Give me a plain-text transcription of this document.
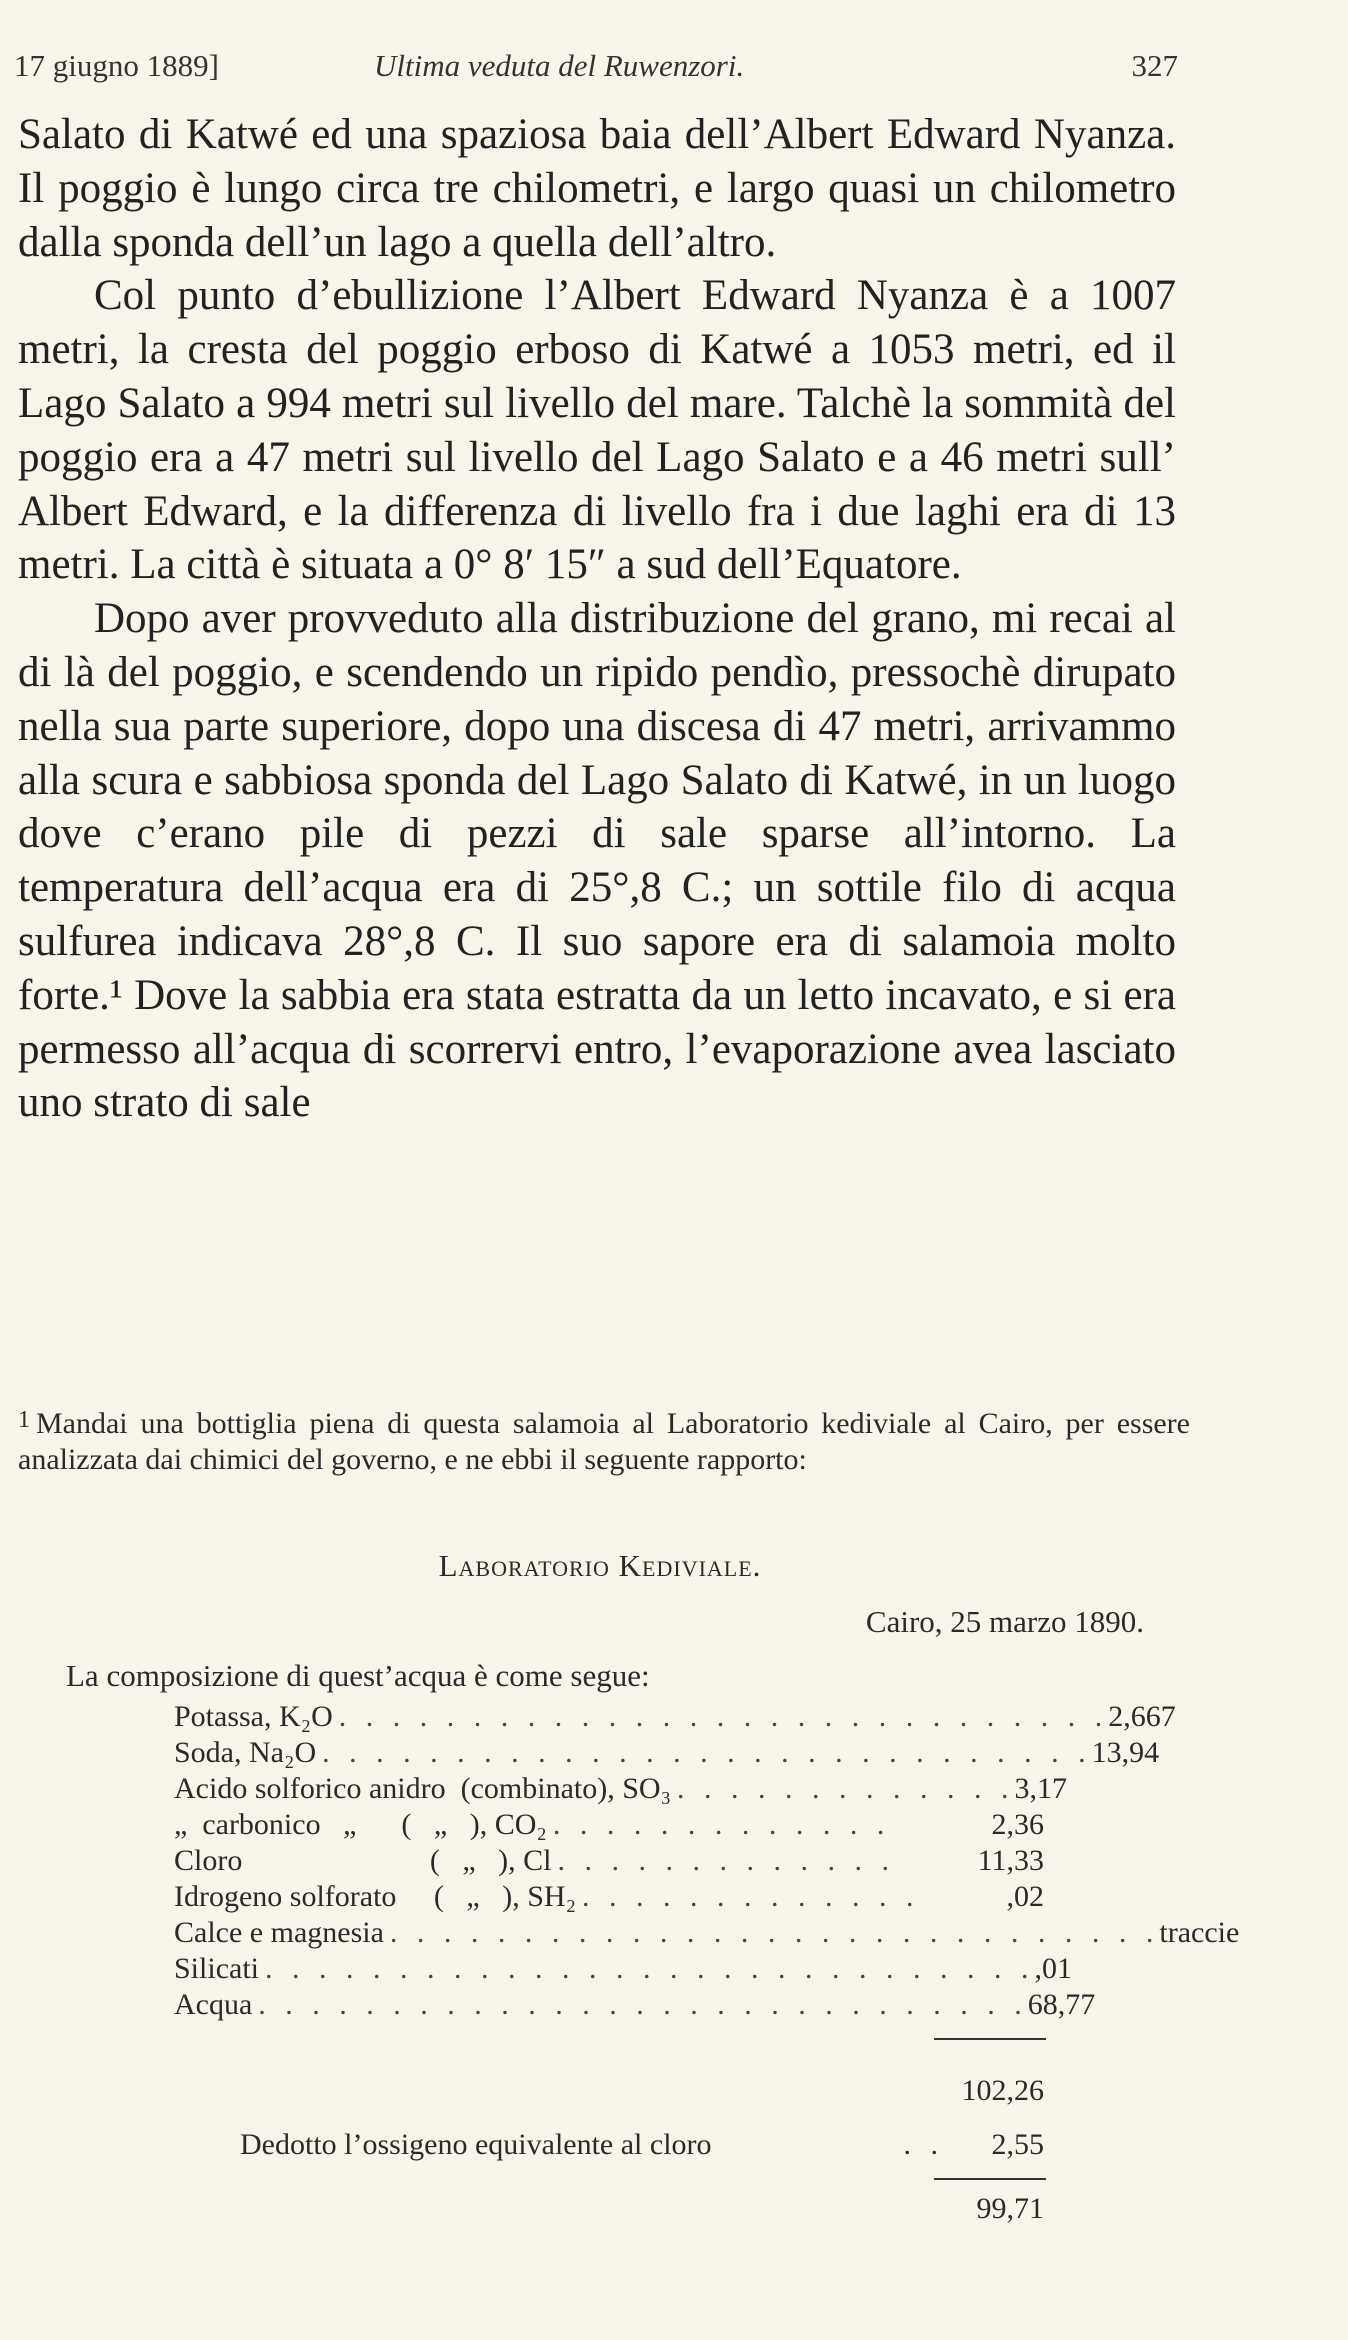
17 giugno 1889]	Ultima veduta del Ruwenzori.	327

Salato di Katwé ed una spaziosa baia dell’Albert Edward Nyanza. Il poggio è lungo circa tre chilometri, e largo quasi un chilometro dalla sponda dell’un lago a quella dell’altro.

Col punto d’ebullizione l’Albert Edward Nyanza è a 1007 metri, la cresta del poggio erboso di Katwé a 1053 metri, ed il Lago Salato a 994 metri sul livello del mare. Talchè la sommità del poggio era a 47 metri sul livello del Lago Salato e a 46 metri sull’ Albert Edward, e la differenza di livello fra i due laghi era di 13 metri. La città è situata a 0° 8′ 15″ a sud dell’Equatore.

Dopo aver provveduto alla distribuzione del grano, mi recai al di là del poggio, e scendendo un ripido pendìo, pressochè dirupato nella sua parte superiore, dopo una discesa di 47 metri, arrivammo alla scura e sabbiosa sponda del Lago Salato di Katwé, in un luogo dove c’erano pile di pezzi di sale sparse all’intorno. La temperatura dell’acqua era di 25°,8 C.; un sottile filo di acqua sulfurea indicava 28°,8 C. Il suo sapore era di salamoia molto forte.¹ Dove la sabbia era stata estratta da un letto incavato, e si era permesso all’acqua di scorrervi entro, l’evaporazione avea lasciato uno strato di sale

$^1$ Mandai una bottiglia piena di questa salamoia al Laboratorio kediviale al Cairo, per essere analizzata dai chimici del governo, e ne ebbi il seguente rapporto:
Laboratorio Kediviale.
Cairo, 25 marzo 1890.
La composizione di quest’acqua è come segue:
Potassa, K₂O . . . . . . . . . . . . . . . . . . . . . . . . . . . . . 2,667
Soda, Na₂O . . . . . . . . . . . . . . . . . . . . . . . . . . . . . 13,94
Acido solforico anidro  (combinato), SO₃ . . . . . . . . . . . . . 3,17
„  carbonico   „      (   „   ), CO₂ . . . . . . . . . . . . .	2,36
Cloro                         (   „   ), Cl . . . . . . . . . . . . .	11,33
Idrogeno solforato     (   „   ), SH₂ . . . . . . . . . . . . .	,02
Calce e magnesia . . . . . . . . . . . . . . . . . . . . . . . . . . . . . traccie
Silicati . . . . . . . . . . . . . . . . . . . . . . . . . . . . . ,01
Acqua . . . . . . . . . . . . . . . . . . . . . . . . . . . . . 68,77
102,26
Dedotto l’ossigeno equivalente al cloro	. .	2,55
99,71
